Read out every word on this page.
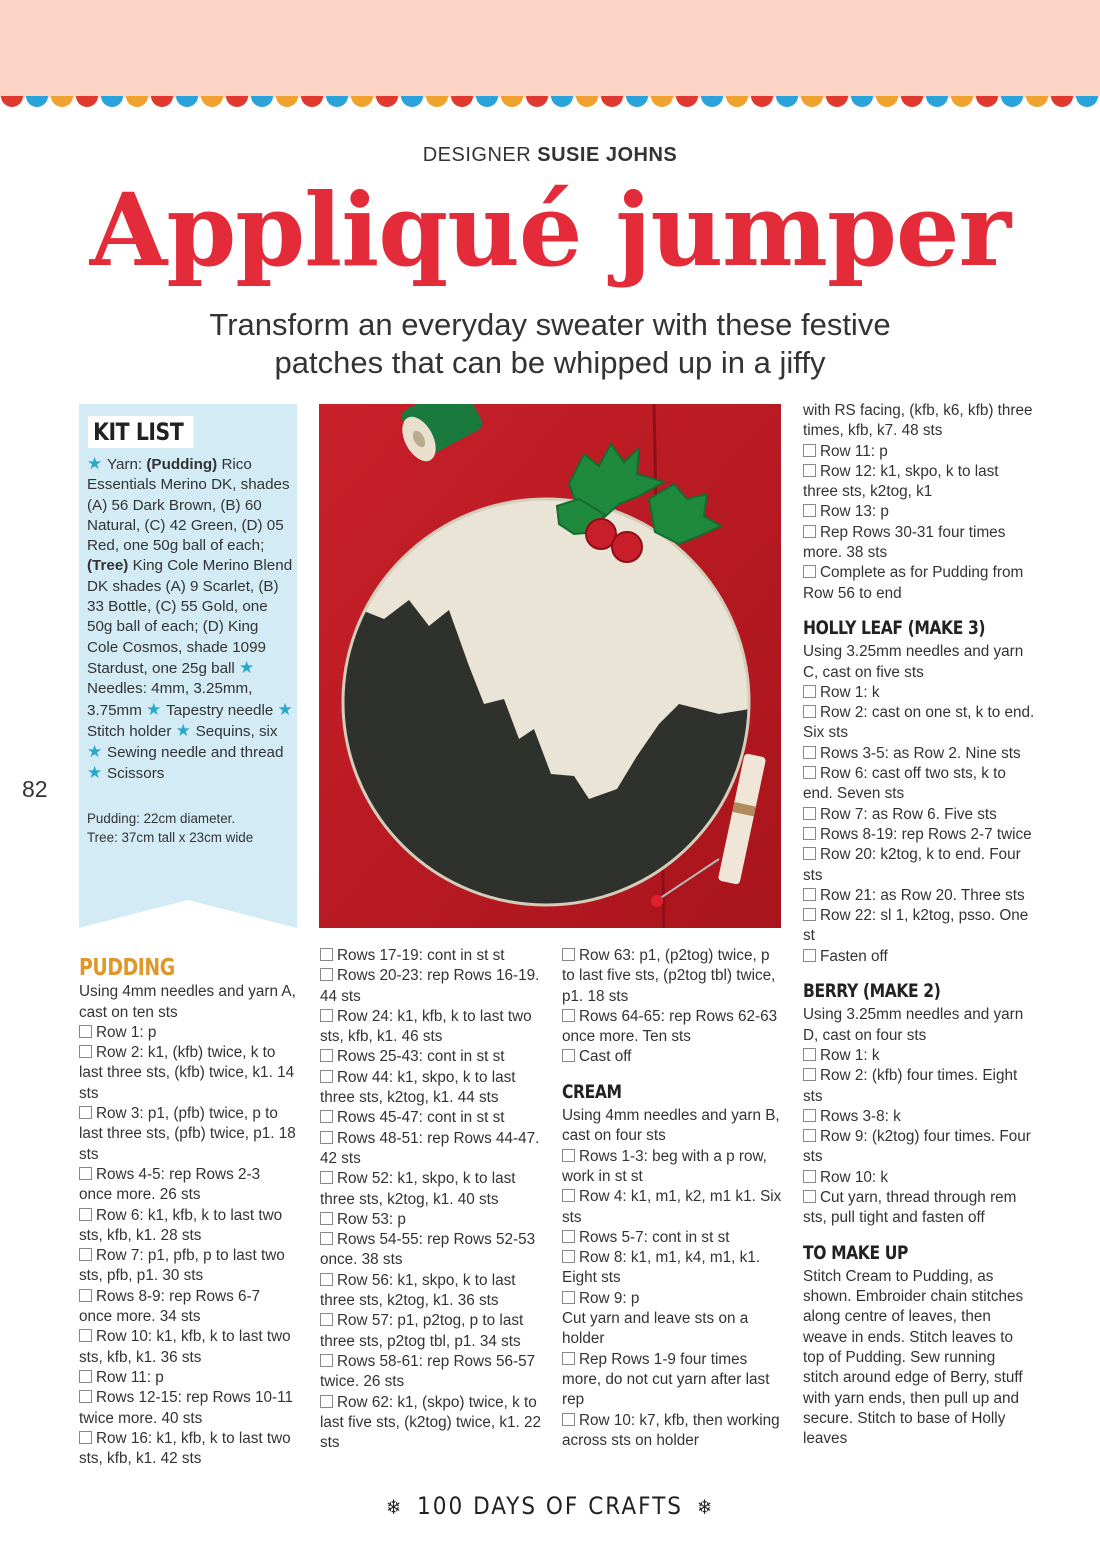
DESIGNER SUSIE JOHNS
Appliqué jumper
Transform an everyday sweater with these festive
patches that can be whipped up in a jiffy
82
KIT LIST
★ Yarn: (Pudding) Rico Essentials Merino DK, shades (A) 56 Dark Brown, (B) 60 Natural, (C) 42 Green, (D) 05 Red, one 50g ball of each; (Tree) King Cole Merino Blend DK shades (A) 9 Scarlet, (B) 33 Bottle, (C) 55 Gold, one 50g ball of each; (D) King Cole Cosmos, shade 1099 Stardust, one 25g ball ★ Needles: 4mm, 3.25mm, 3.75mm ★ Tapestry needle ★ Stitch holder ★ Sequins, six ★ Sewing needle and thread ★ Scissors
Pudding: 22cm diameter.
Tree: 37cm tall x 23cm wide
PUDDING

Using 4mm needles and yarn A, cast on ten sts

Row 1: p

Row 2: k1, (kfb) twice, k to last three sts, (kfb) twice, k1. 14 sts

Row 3: p1, (pfb) twice, p to last three sts, (pfb) twice, p1. 18 sts

Rows 4-5: rep Rows 2-3 once more. 26 sts

Row 6: k1, kfb, k to last two sts, kfb, k1. 28 sts

Row 7: p1, pfb, p to last two sts, pfb, p1. 30 sts

Rows 8-9: rep Rows 6-7 once more. 34 sts

Row 10: k1, kfb, k to last two sts, kfb, k1. 36 sts

Row 11: p

Rows 12-15: rep Rows 10-11 twice more. 40 sts

Row 16: k1, kfb, k to last two sts, kfb, k1. 42 sts

Rows 17-19: cont in st st

Rows 20-23: rep Rows 16-19. 44 sts

Row 24: k1, kfb, k to last two sts, kfb, k1. 46 sts

Rows 25-43: cont in st st

Row 44: k1, skpo, k to last three sts, k2tog, k1. 44 sts

Rows 45-47: cont in st st

Rows 48-51: rep Rows 44-47. 42 sts

Row 52: k1, skpo, k to last three sts, k2tog, k1. 40 sts

Row 53: p

Rows 54-55: rep Rows 52-53 once. 38 sts

Row 56: k1, skpo, k to last three sts, k2tog, k1. 36 sts

Row 57: p1, p2tog, p to last three sts, p2tog tbl, p1. 34 sts

Rows 58-61: rep Rows 56-57 twice. 26 sts

Row 62: k1, (skpo) twice, k to last five sts, (k2tog) twice, k1. 22 sts

Row 63: p1, (p2tog) twice, p to last five sts, (p2tog tbl) twice, p1. 18 sts

Rows 64-65: rep Rows 62-63 once more. Ten sts

Cast off

CREAM

Using 4mm needles and yarn B, cast on four sts

Rows 1-3: beg with a p row, work in st st

Row 4: k1, m1, k2, m1 k1. Six sts

Rows 5-7: cont in st st

Row 8: k1, m1, k4, m1, k1. Eight sts

Row 9: p

Cut yarn and leave sts on a holder

Rep Rows 1-9 four times more, do not cut yarn after last rep

Row 10: k7, kfb, then working across sts on holder

with RS facing, (kfb, k6, kfb) three times, kfb, k7. 48 sts

Row 11: p

Row 12: k1, skpo, k to last three sts, k2tog, k1

Row 13: p

Rep Rows 30-31 four times more. 38 sts

Complete as for Pudding from Row 56 to end

HOLLY LEAF (MAKE 3)

Using 3.25mm needles and yarn C, cast on five sts

Row 1: k

Row 2: cast on one st, k to end. Six sts

Rows 3-5: as Row 2. Nine sts

Row 6: cast off two sts, k to end. Seven sts

Row 7: as Row 6. Five sts

Rows 8-19: rep Rows 2-7 twice

Row 20: k2tog, k to end. Four sts

Row 21: as Row 20. Three sts

Row 22: sl 1, k2tog, psso. One st

Fasten off

BERRY (MAKE 2)

Using 3.25mm needles and yarn D, cast on four sts

Row 1: k

Row 2: (kfb) four times. Eight sts

Rows 3-8: k

Row 9: (k2tog) four times. Four sts

Row 10: k

Cut yarn, thread through rem sts, pull tight and fasten off

TO MAKE UP

Stitch Cream to Pudding, as shown. Embroider chain stitches along centre of leaves, then weave in ends. Stitch leaves to top of Pudding. Sew running stitch around edge of Berry, stuff with yarn ends, then pull up and secure. Stitch to base of Holly leaves

❄ 100 DAYS OF CRAFTS ❄
